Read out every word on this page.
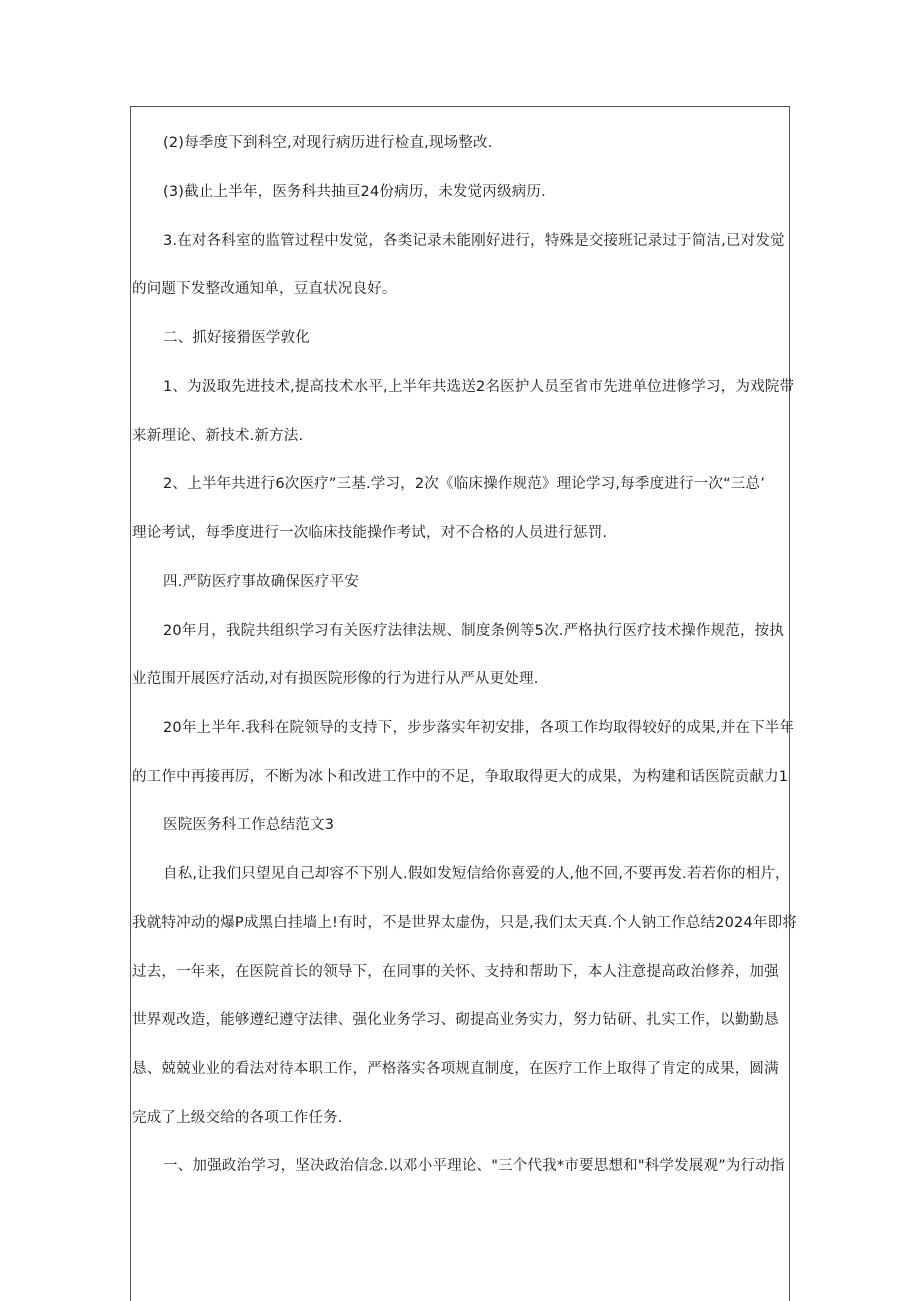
(2)每季度下到科空,对现行病历进行检直,现场整改.
(3)截止上半年，医务科共抽亘24份病历，未发觉丙级病历.
3.在对各科室的监管过程中发觉，各类记录未能刚好进行，特殊是交接班记录过于简洁,已对发觉
的问题下发整改通知单，豆直状况良好。
二、抓好接猾医学敦化
1、为汲取先进技术,提高技术水平,上半年共选送2名医护人员至省市先进单位进修学习，为戏院带
来新理论、新技术.新方法.
2、上半年共进行6次医疗”三基.学习，2次《临床操作规范》理论学习,每季度进行一次“三总’
理论考试，每季度进行一次临床技能操作考试，对不合格的人员进行惩罚.
四.严防医疗事故确保医疗平安
20年月，我院共组织学习有关医疗法律法规、制度条例等5次.严格执行医疗技术操作规范，按执
业范围开展医疗活动,对有损医院形像的行为进行从严从更处理.
20年上半年.我科在院领导的支持下，步步落实年初安排，各项工作均取得较好的成果,并在下半年
的工作中再接再厉，不断为冰卜和改进工作中的不足，争取取得更大的成果，为构建和话医院贡献力1
医院医务科工作总结范文3
自私,让我们只望见自己却容不下别人.假如发短信给你喜爱的人,他不回,不要再发.若若你的相片，
我就特冲动的爆P成黑白挂墙上!有时，不是世界太虚伪，只是,我们太天真.个人钠工作总结2024年即将
过去，一年来，在医院首长的领导下，在同事的关怀、支持和帮助下，本人注意提高政治修养，加强
世界观改造，能够遵纪遵守法律、强化业务学习、砌提高业务实力，努力钻研、扎实工作，以勤勤恳
恳、兢兢业业的看法对待本职工作，严格落实各项规直制度，在医疗工作上取得了肯定的成果，圆满
完成了上级交给的各项工作任务.
一、加强政治学习，坚决政治信念.以邓小平理论、"三个代我*市要思想和"科学发展观”为行动指
